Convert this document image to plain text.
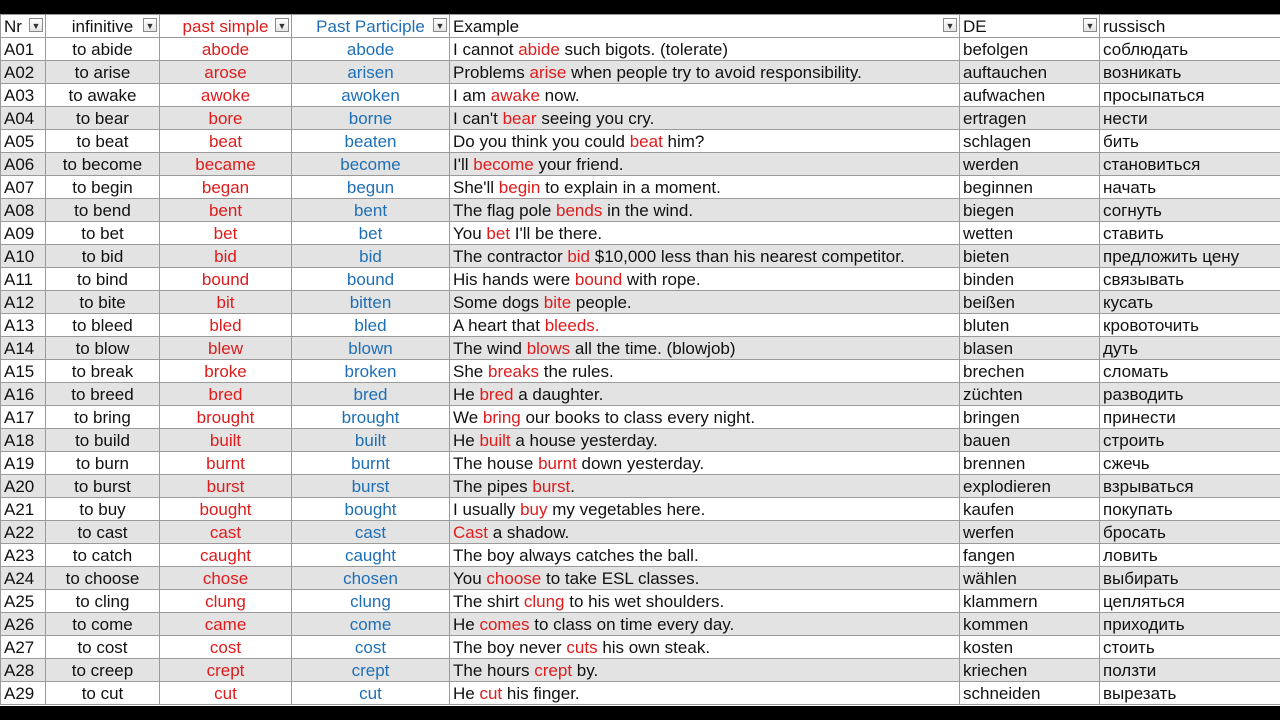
Nr ▼	infinitive ▼	past simple ▼	Past Participle ▼	Example ▼	DE ▼	russisch
A01	to abide	abode	abode	I cannot abide such bigots. (tolerate)	befolgen	соблюдать
A02	to arise	arose	arisen	Problems arise when people try to avoid responsibility.	auftauchen	возникать
A03	to awake	awoke	awoken	I am awake now.	aufwachen	просыпаться
A04	to bear	bore	borne	I can't bear seeing you cry.	ertragen	нести
A05	to beat	beat	beaten	Do you think you could beat him?	schlagen	бить
A06	to become	became	become	I'll become your friend.	werden	становиться
A07	to begin	began	begun	She'll begin to explain in a moment.	beginnen	начать
A08	to bend	bent	bent	The flag pole bends in the wind.	biegen	согнуть
A09	to bet	bet	bet	You bet I'll be there.	wetten	ставить
A10	to bid	bid	bid	The contractor bid $10,000 less than his nearest competitor.	bieten	предложить цену
A11	to bind	bound	bound	His hands were bound with rope.	binden	связывать
A12	to bite	bit	bitten	Some dogs bite people.	beißen	кусать
A13	to bleed	bled	bled	A heart that bleeds.	bluten	кровоточить
A14	to blow	blew	blown	The wind blows all the time. (blowjob)	blasen	дуть
A15	to break	broke	broken	She breaks the rules.	brechen	сломать
A16	to breed	bred	bred	He bred a daughter.	züchten	разводить
A17	to bring	brought	brought	We bring our books to class every night.	bringen	принести
A18	to build	built	built	He built a house yesterday.	bauen	строить
A19	to burn	burnt	burnt	The house burnt down yesterday.	brennen	сжечь
A20	to burst	burst	burst	The pipes burst.	explodieren	взрываться
A21	to buy	bought	bought	I usually buy my vegetables here.	kaufen	покупать
A22	to cast	cast	cast	Cast a shadow.	werfen	бросать
A23	to catch	caught	caught	The boy always catches the ball.	fangen	ловить
A24	to choose	chose	chosen	You choose to take ESL classes.	wählen	выбирать
A25	to cling	clung	clung	The shirt clung to his wet shoulders.	klammern	цепляться
A26	to come	came	come	He comes to class on time every day.	kommen	приходить
A27	to cost	cost	cost	The boy never cuts his own steak.	kosten	стоить
A28	to creep	crept	crept	The hours crept by.	kriechen	ползти
A29	to cut	cut	cut	He cut his finger.	schneiden	вырезать
